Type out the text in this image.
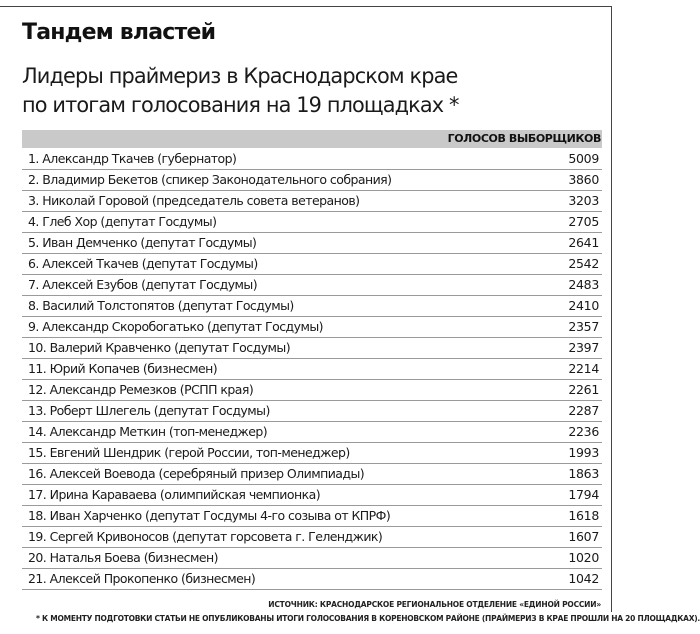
Тандем властей
Лидеры праймериз в Краснодарском крае
по итогам голосования на 19 площадках *
ГОЛОСОВ ВЫБОРЩИКОВ
1. Александр Ткачев (губернатор)	5009
2. Владимир Бекетов (спикер Законодательного собрания)	3860
3. Николай Горовой (председатель совета ветеранов)	3203
4. Глеб Хор (депутат Госдумы)	2705
5. Иван Демченко (депутат Госдумы)	2641
6. Алексей Ткачев (депутат Госдумы)	2542
7. Алексей Езубов (депутат Госдумы)	2483
8. Василий Толстопятов (депутат Госдумы)	2410
9. Александр Скоробогатько (депутат Госдумы)	2357
10. Валерий Кравченко (депутат Госдумы)	2397
11. Юрий Копачев (бизнесмен)	2214
12. Александр Ремезков (РСПП края)	2261
13. Роберт Шлегель (депутат Госдумы)	2287
14. Александр Меткин (топ-менеджер)	2236
15. Евгений Шендрик (герой России, топ-менеджер)	1993
16. Алексей Воевода (серебряный призер Олимпиады)	1863
17. Ирина Караваева (олимпийская чемпионка)	1794
18. Иван Харченко (депутат Госдумы 4-го созыва от КПРФ)	1618
19. Сергей Кривоносов (депутат горсовета г. Геленджик)	1607
20. Наталья Боева (бизнесмен)	1020
21. Алексей Прокопенко (бизнесмен)	1042
ИСТОЧНИК: КРАСНОДАРСКОЕ РЕГИОНАЛЬНОЕ ОТДЕЛЕНИЕ «ЕДИНОЙ РОССИИ»
* К МОМЕНТУ ПОДГОТОВКИ СТАТЬИ НЕ ОПУБЛИКОВАНЫ ИТОГИ ГОЛОСОВАНИЯ В КОРЕНОВСКОМ РАЙОНЕ (ПРАЙМЕРИЗ В КРАЕ ПРОШЛИ НА 20 ПЛОЩАДКАХ).
